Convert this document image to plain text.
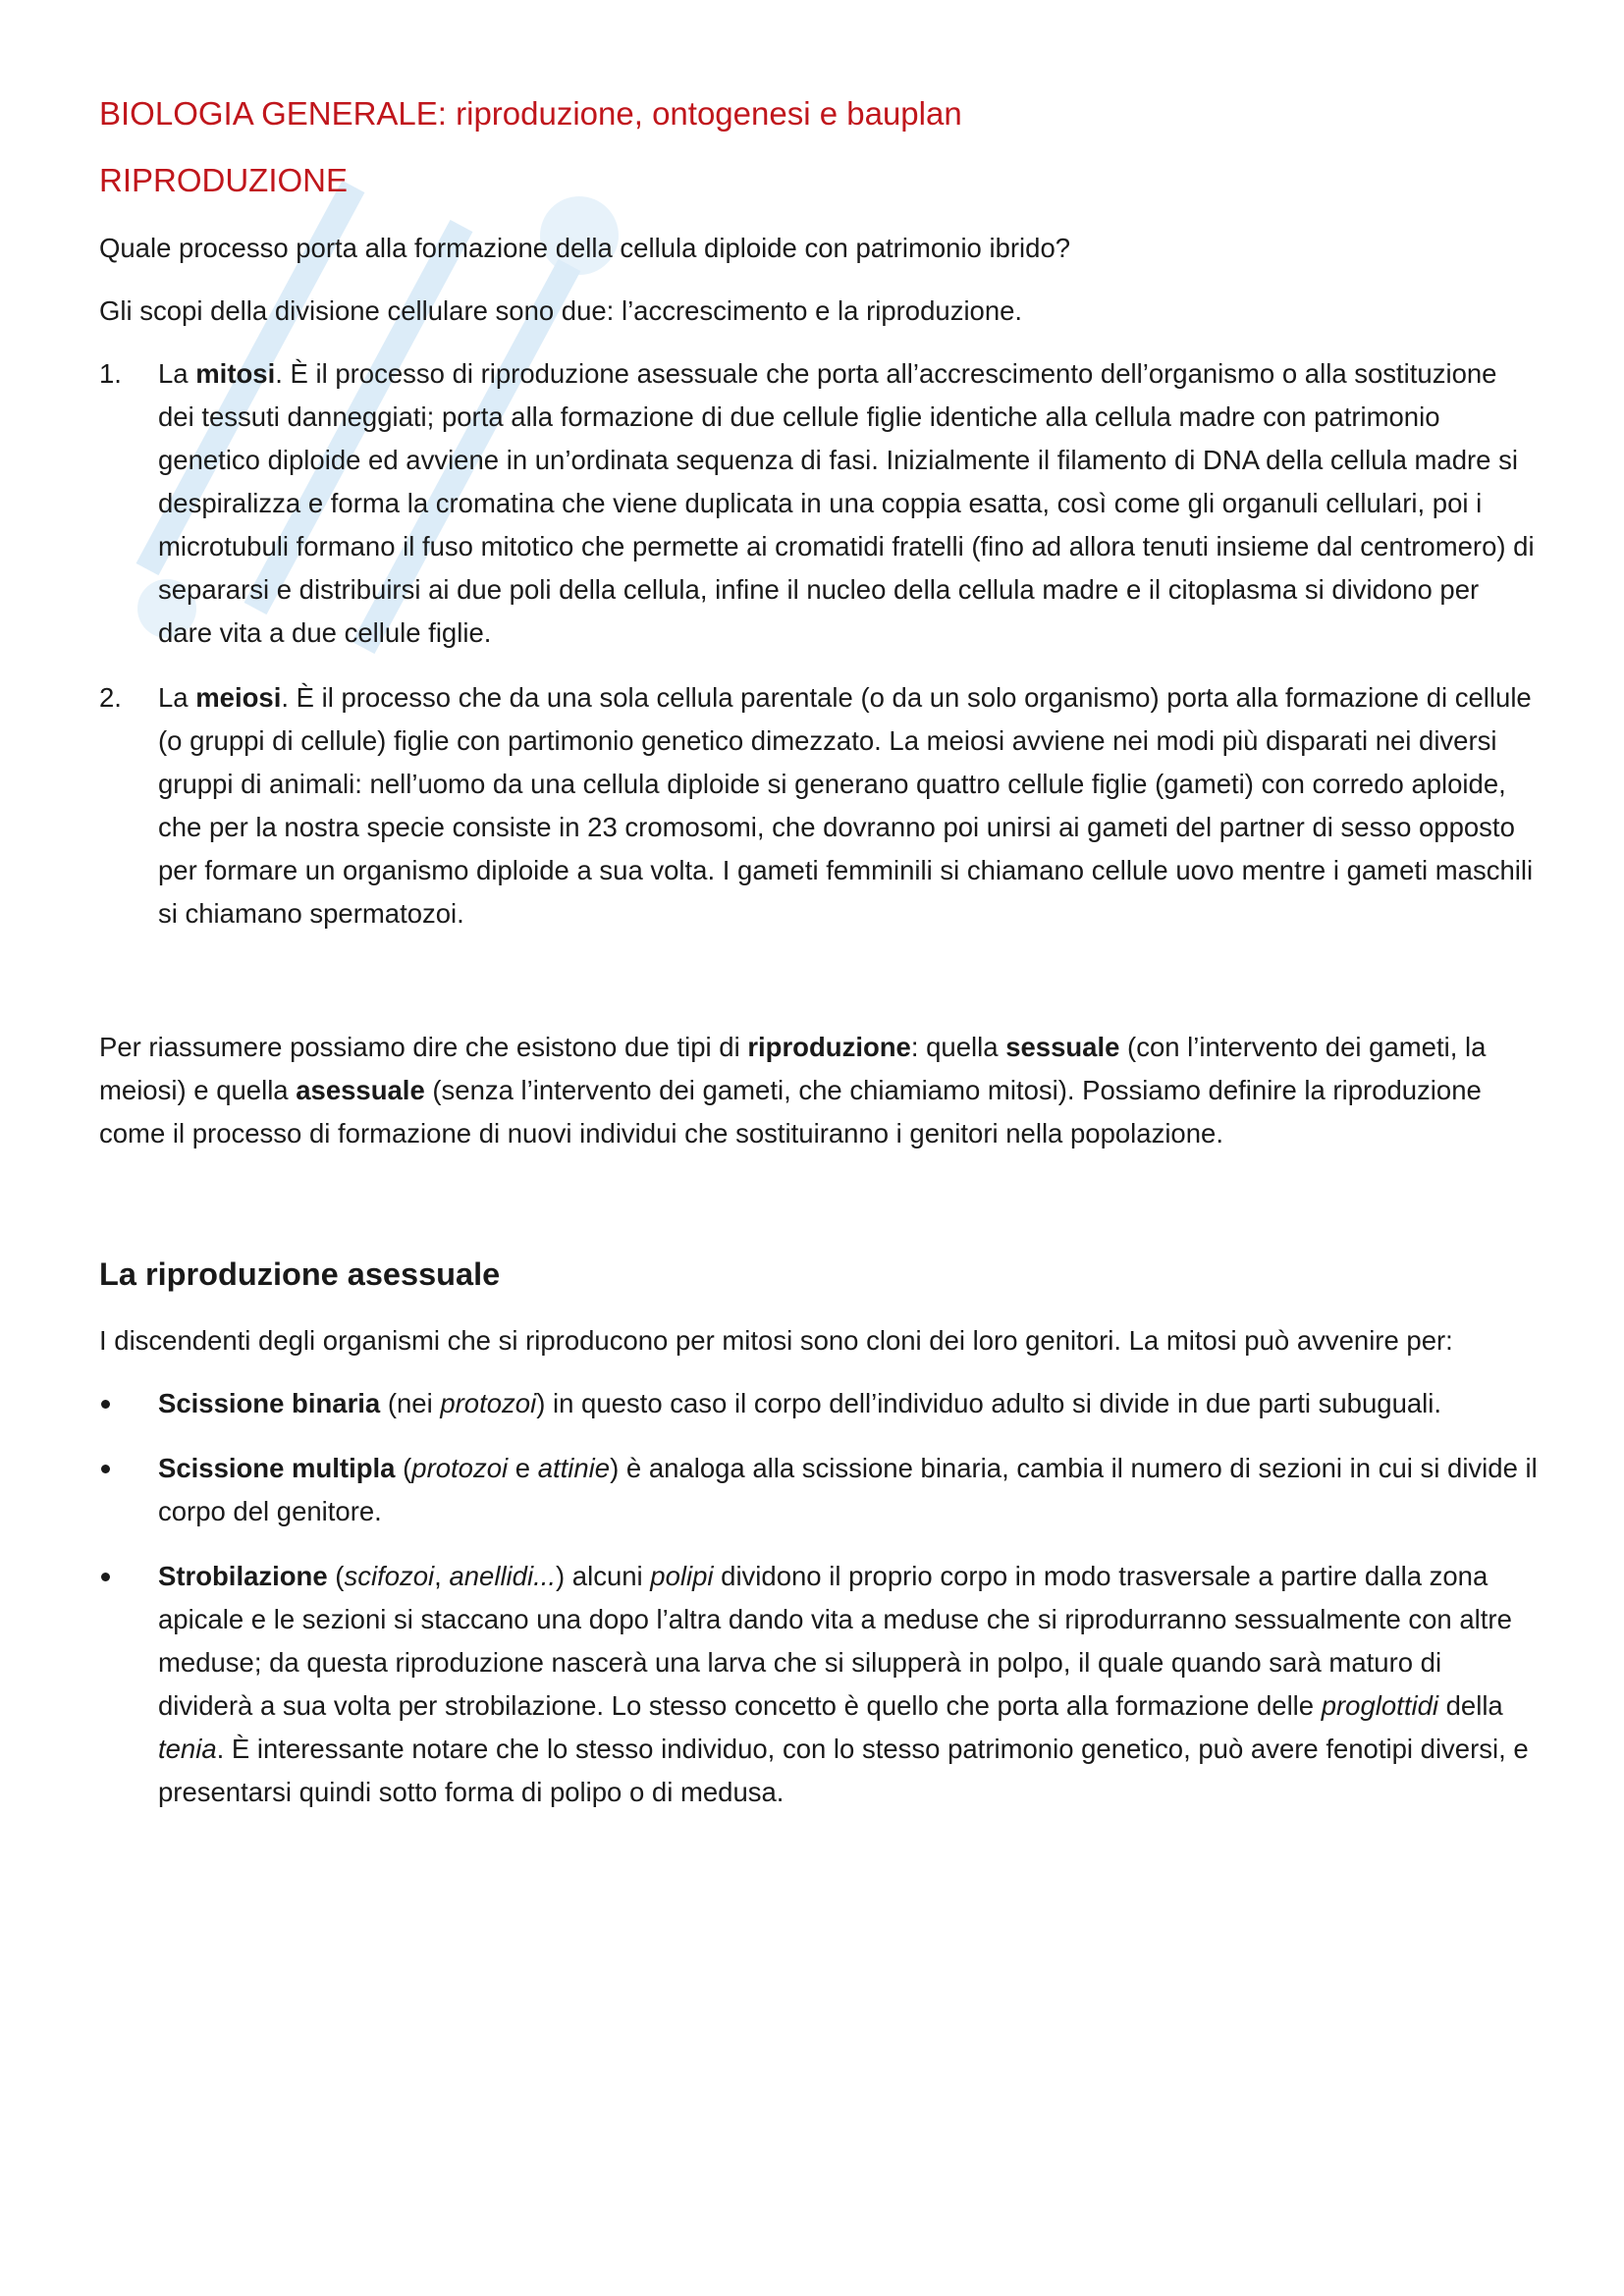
BIOLOGIA GENERALE: riproduzione, ontogenesi e bauplan
RIPRODUZIONE

Quale processo porta alla formazione della cellula diploide con patrimonio ibrido?

Gli scopi della divisione cellulare sono due: l’accrescimento e la riproduzione.

1. La mitosi. È il processo di riproduzione asessuale che porta all’accrescimento dell’organismo o alla sostituzione dei tessuti danneggiati; porta alla formazione di due cellule figlie identiche alla cellula madre con patrimonio genetico diploide ed avviene in un’ordinata sequenza di fasi. Inizialmente il filamento di DNA della cellula madre si despiralizza e forma la cromatina che viene duplicata in una coppia esatta, così come gli organuli cellulari, poi i microtubuli formano il fuso mitotico che permette ai cromatidi fratelli (fino ad allora tenuti insieme dal centromero) di separarsi e distribuirsi ai due poli della cellula, infine il nucleo della cellula madre e il citoplasma si dividono per dare vita a due cellule figlie.
2. La meiosi. È il processo che da una sola cellula parentale (o da un solo organismo) porta alla formazione di cellule (o gruppi di cellule) figlie con partimonio genetico dimezzato. La meiosi avviene nei modi più disparati nei diversi gruppi di animali: nell’uomo da una cellula diploide si generano quattro cellule figlie (gameti) con corredo aploide, che per la nostra specie consiste in 23 cromosomi, che dovranno poi unirsi ai gameti del partner di sesso opposto per formare un organismo diploide a sua volta. I gameti femminili si chiamano cellule uovo mentre i gameti maschili si chiamano spermatozoi.

Per riassumere possiamo dire che esistono due tipi di riproduzione: quella sessuale (con l’intervento dei gameti, la meiosi) e quella asessuale (senza l’intervento dei gameti, che chiamiamo mitosi). Possiamo definire la riproduzione come il processo di formazione di nuovi individui che sostituiranno i genitori nella popolazione.

La riproduzione asessuale

I discendenti degli organismi che si riproducono per mitosi sono cloni dei loro genitori. La mitosi può avvenire per:

Scissione binaria (nei protozoi) in questo caso il corpo dell’individuo adulto si divide in due parti subuguali.
Scissione multipla (protozoi e attinie) è analoga alla scissione binaria, cambia il numero di sezioni in cui si divide il corpo del genitore.
Strobilazione (scifozoi, anellidi...) alcuni polipi dividono il proprio corpo in modo trasversale a partire dalla zona apicale e le sezioni si staccano una dopo l’altra dando vita a meduse che si riprodurranno sessualmente con altre meduse; da questa riproduzione nascerà una larva che si silupperà in polpo, il quale quando sarà maturo di dividerà a sua volta per strobilazione. Lo stesso concetto è quello che porta alla formazione delle proglottidi della tenia. È interessante notare che lo stesso individuo, con lo stesso patrimonio genetico, può avere fenotipi diversi, e presentarsi quindi sotto forma di polipo o di medusa.
